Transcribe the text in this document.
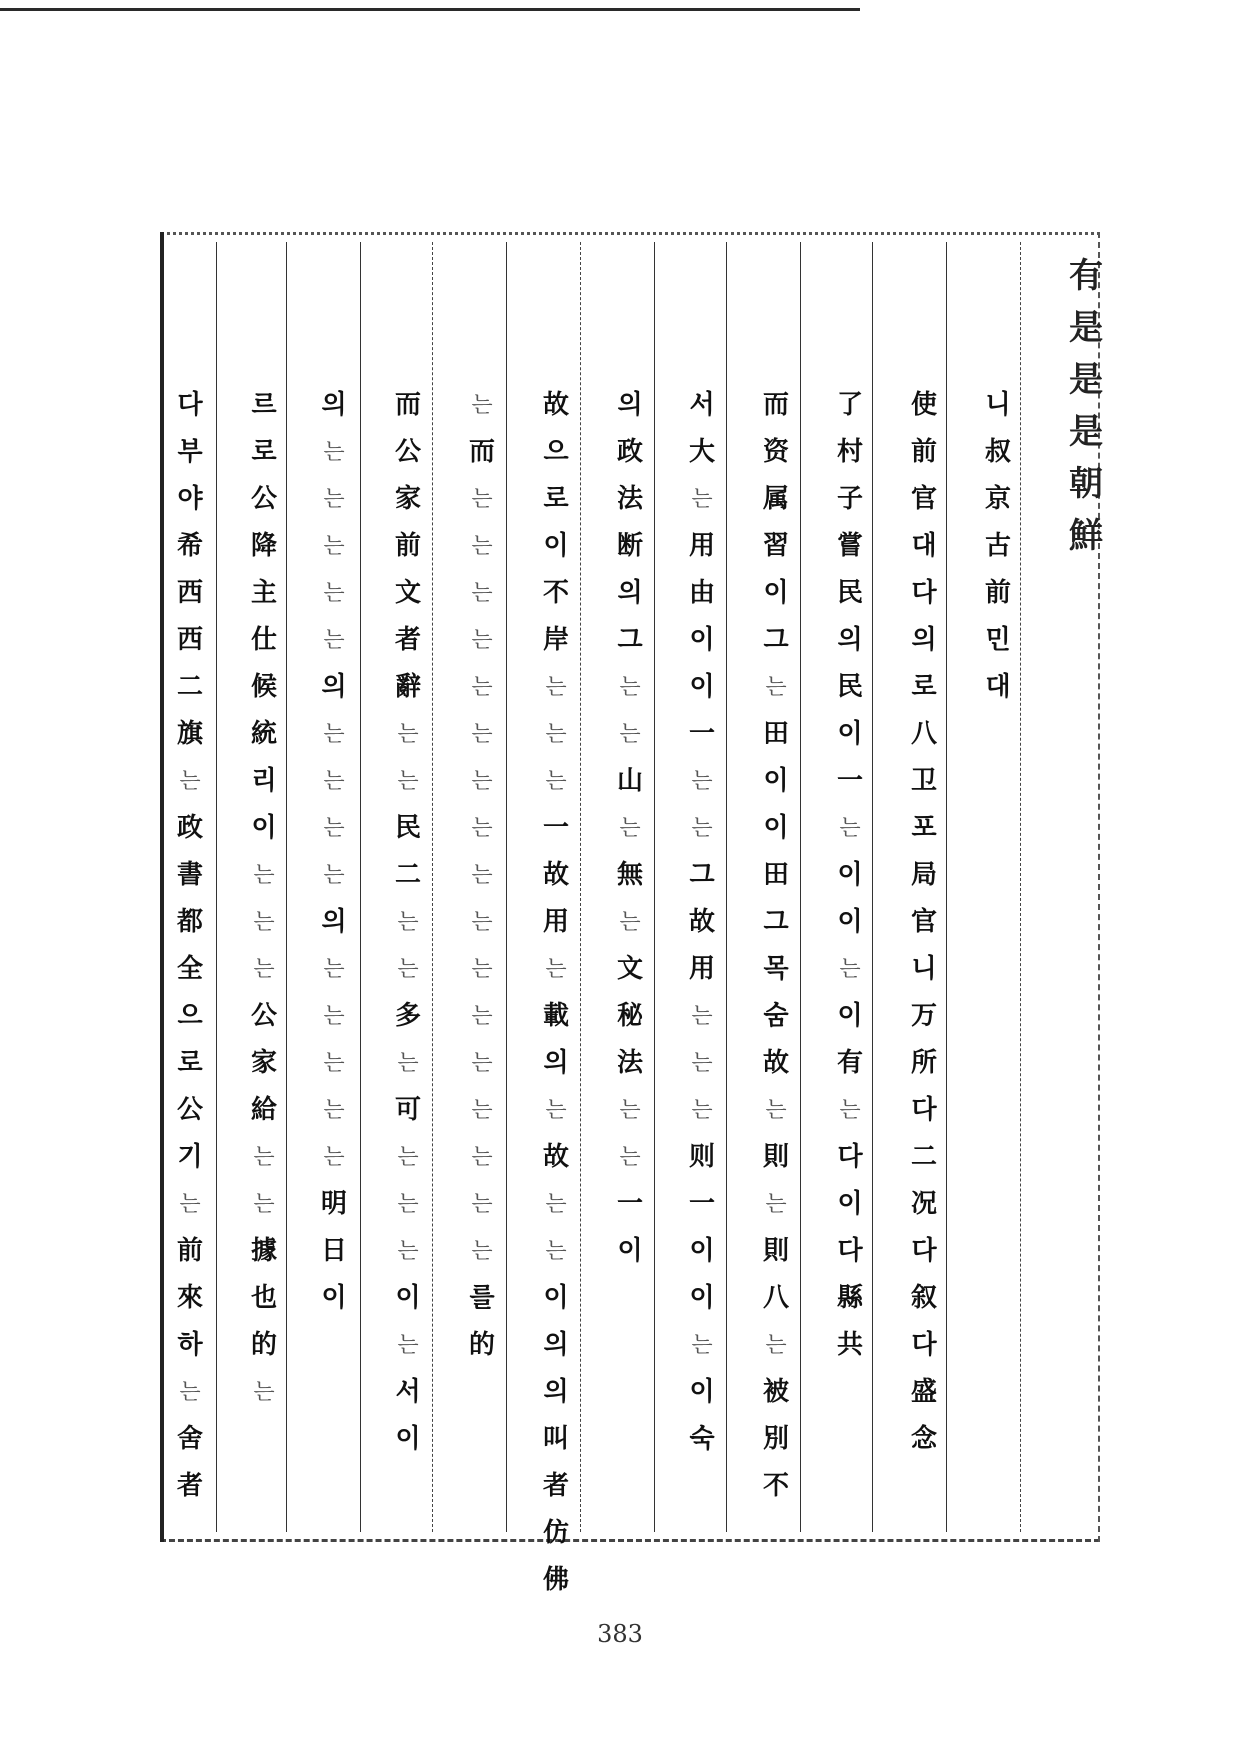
니
叔
京
古
前
민
대
使
前
官
대
다
의
로
八
卫
포
局
官
니
万
所
다
二
况
다
叙
다
盛
念
了
村
子
嘗
民
의
民
이
一
는
이
이
는
이
有
는
다
이
다
縣
共
而
资
属
習
이
그
는
田
이
이
田
그
목
숨
故
는
則
는
則
八
는
被
別
不
서
大
는
用
由
이
이
一
는
는
그
故
用
는
는
는
则
一
이
이
는
이
숙
의
政
法
断
의
그
는
는
山
는
無
는
文
秘
法
는
는
一
이
故
으
로
이
不
岸
는
는
는
一
故
用
는
載
의
는
故
는
는
이
의
의
叫
者
仿
佛
는
而
는
는
는
는
는
는
는
는
는
는
는
는
는
는
는
는
는
를
的
而
公
家
前
文
者
辭
는
는
民
二
는
는
多
는
可
는
는
는
이
는
서
이
의
는
는
는
는
는
의
는
는
는
는
의
는
는
는
는
는
明
日
이
르
로
公
降
主
仕
候
統
리
이
는
는
는
公
家
給
는
는
據
也
的
는
다
부
야
希
西
西
二
旗
는
政
書
都
全
으
로
公
기
는
前
來
하
는
舍
者
有
是
是
是
朝
鮮
383
